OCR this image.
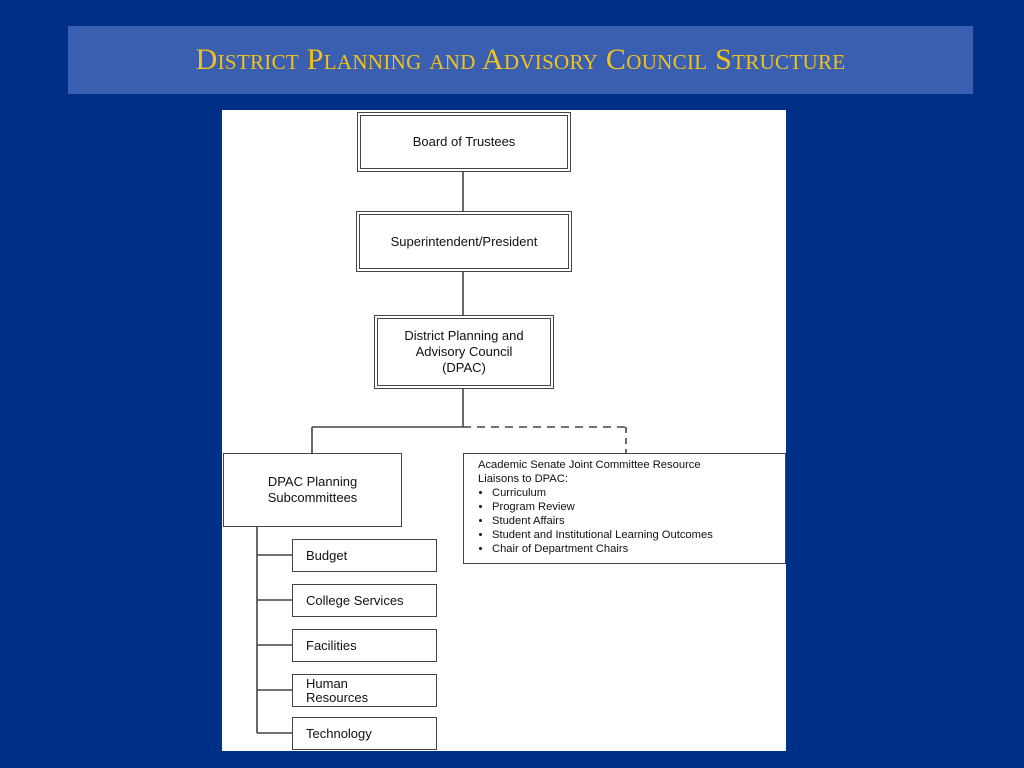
District Planning and Advisory Council Structure
Board of Trustees
Superintendent/President
District Planning and
Advisory Council
(DPAC)
DPAC Planning
Subcommittees
Academic Senate Joint Committee Resource
Liaisons to DPAC:
• Curriculum
• Program Review
• Student Affairs
• Student and Institutional Learning Outcomes
• Chair of Department Chairs
Budget
College Services
Facilities
Human
Resources
Technology
